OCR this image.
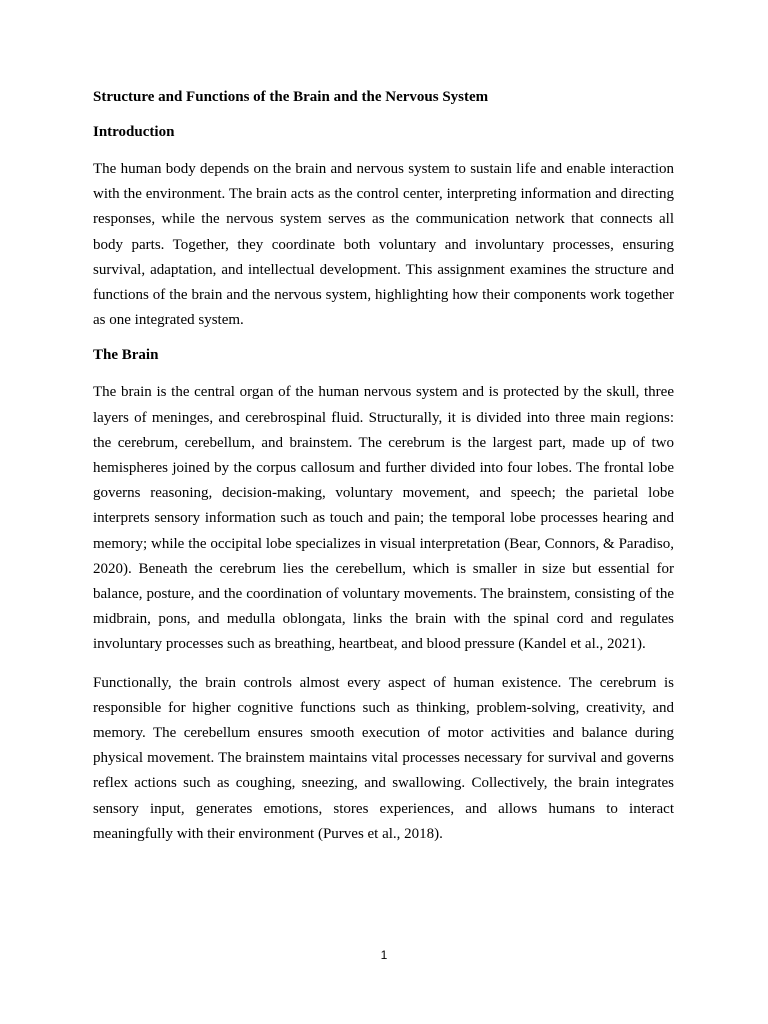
Structure and Functions of the Brain and the Nervous System

Introduction

The human body depends on the brain and nervous system to sustain life and enable interaction with the environment. The brain acts as the control center, interpreting information and directing responses, while the nervous system serves as the communication network that connects all body parts. Together, they coordinate both voluntary and involuntary processes, ensuring survival, adaptation, and intellectual development. This assignment examines the structure and functions of the brain and the nervous system, highlighting how their components work together as one integrated system.

The Brain

The brain is the central organ of the human nervous system and is protected by the skull, three layers of meninges, and cerebrospinal fluid. Structurally, it is divided into three main regions: the cerebrum, cerebellum, and brainstem. The cerebrum is the largest part, made up of two hemispheres joined by the corpus callosum and further divided into four lobes. The frontal lobe governs reasoning, decision-making, voluntary movement, and speech; the parietal lobe interprets sensory information such as touch and pain; the temporal lobe processes hearing and memory; while the occipital lobe specializes in visual interpretation (Bear, Connors, & Paradiso, 2020). Beneath the cerebrum lies the cerebellum, which is smaller in size but essential for balance, posture, and the coordination of voluntary movements. The brainstem, consisting of the midbrain, pons, and medulla oblongata, links the brain with the spinal cord and regulates involuntary processes such as breathing, heartbeat, and blood pressure (Kandel et al., 2021).

Functionally, the brain controls almost every aspect of human existence. The cerebrum is responsible for higher cognitive functions such as thinking, problem-solving, creativity, and memory. The cerebellum ensures smooth execution of motor activities and balance during physical movement. The brainstem maintains vital processes necessary for survival and governs reflex actions such as coughing, sneezing, and swallowing. Collectively, the brain integrates sensory input, generates emotions, stores experiences, and allows humans to interact meaningfully with their environment (Purves et al., 2018).

1
